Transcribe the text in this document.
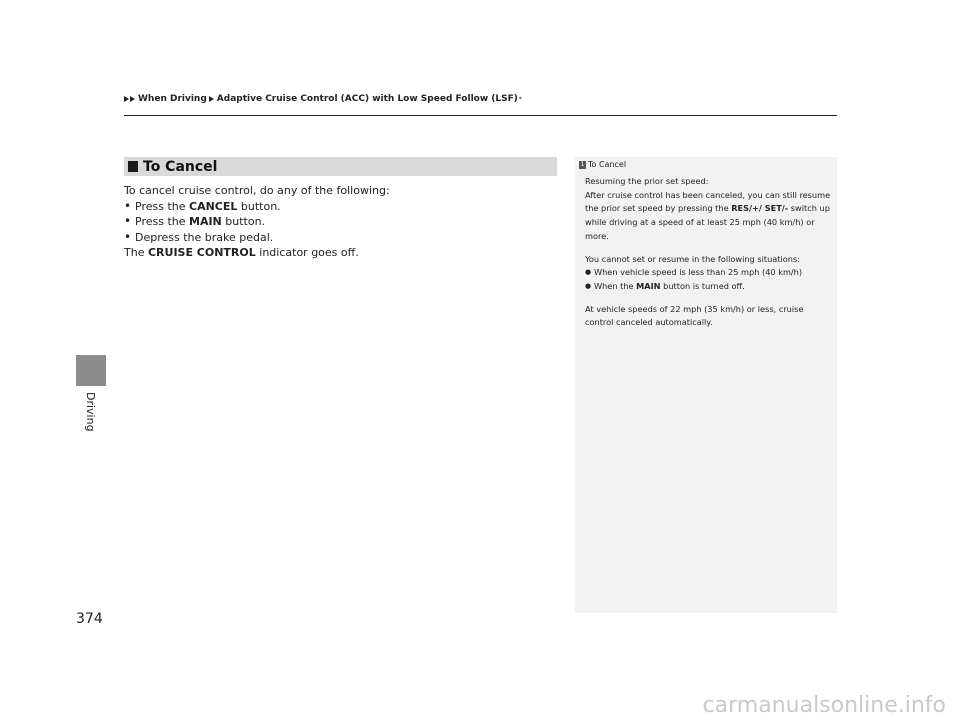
When Driving Adaptive Cruise Control (ACC) with Low Speed Follow (LSF) *
Driving
374
To Cancel

To cancel cruise control, do any of the following:

• Press the CANCEL button.

• Press the MAIN button.

• Depress the brake pedal.

The CRUISE CONTROL indicator goes off.

1 To Cancel

Resuming the prior set speed:

After cruise control has been canceled, you can still resume the prior set speed by pressing the RES/+/ SET/- switch up while driving at a speed of at least 25 mph (40 km/h) or more.

You cannot set or resume in the following situations:

● When vehicle speed is less than 25 mph (40 km/h)

● When the MAIN button is turned off.

At vehicle speeds of 22 mph (35 km/h) or less, cruise control canceled automatically.

carmanualsonline.info
